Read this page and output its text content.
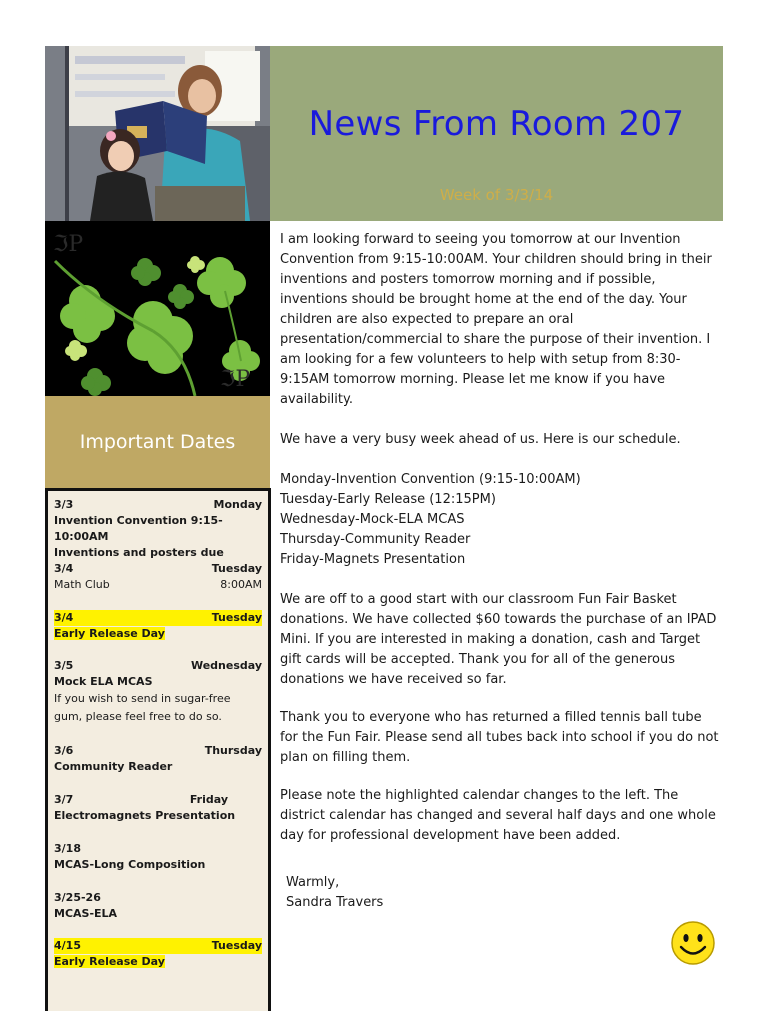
News From Room 207
Week of 3/3/14
ℑP
ℑP
Important Dates
3/3	Monday
Invention Convention 9:15-10:00AM
Inventions and posters due
3/4	Tuesday
Math Club	8:00AM
3/4	Tuesday
Early Release Day
3/5	Wednesday
Mock ELA MCAS
If you wish to send in sugar-free
gum, please feel free to do so.
3/6	Thursday
Community Reader
3/7	Friday
Electromagnets Presentation
3/18
MCAS-Long Composition
3/25-26
MCAS-ELA
4/15	Tuesday
Early Release Day

I am looking forward to seeing you tomorrow at our Invention Convention from 9:15-10:00AM. Your children should bring in their inventions and posters tomorrow morning and if possible, inventions should be brought home at the end of the day. Your children are also expected to prepare an oral presentation/commercial to share the purpose of their invention. I am looking for a few volunteers to help with setup from 8:30-9:15AM tomorrow morning. Please let me know if you have availability.

We have a very busy week ahead of us. Here is our schedule.

Monday-Invention Convention (9:15-10:00AM)
Tuesday-Early Release (12:15PM)
Wednesday-Mock-ELA MCAS
Thursday-Community Reader
Friday-Magnets Presentation

We are off to a good start with our classroom Fun Fair Basket donations. We have collected $60 towards the purchase of an IPAD Mini. If you are interested in making a donation, cash and Target gift cards will be accepted. Thank you for all of the generous donations we have received so far.

Thank you to everyone who has returned a filled tennis ball tube for the Fun Fair. Please send all tubes back into school if you do not plan on filling them.

Please note the highlighted calendar changes to the left. The district calendar has changed and several half days and one whole day for professional development have been added.

Warmly,
Sandra Travers
